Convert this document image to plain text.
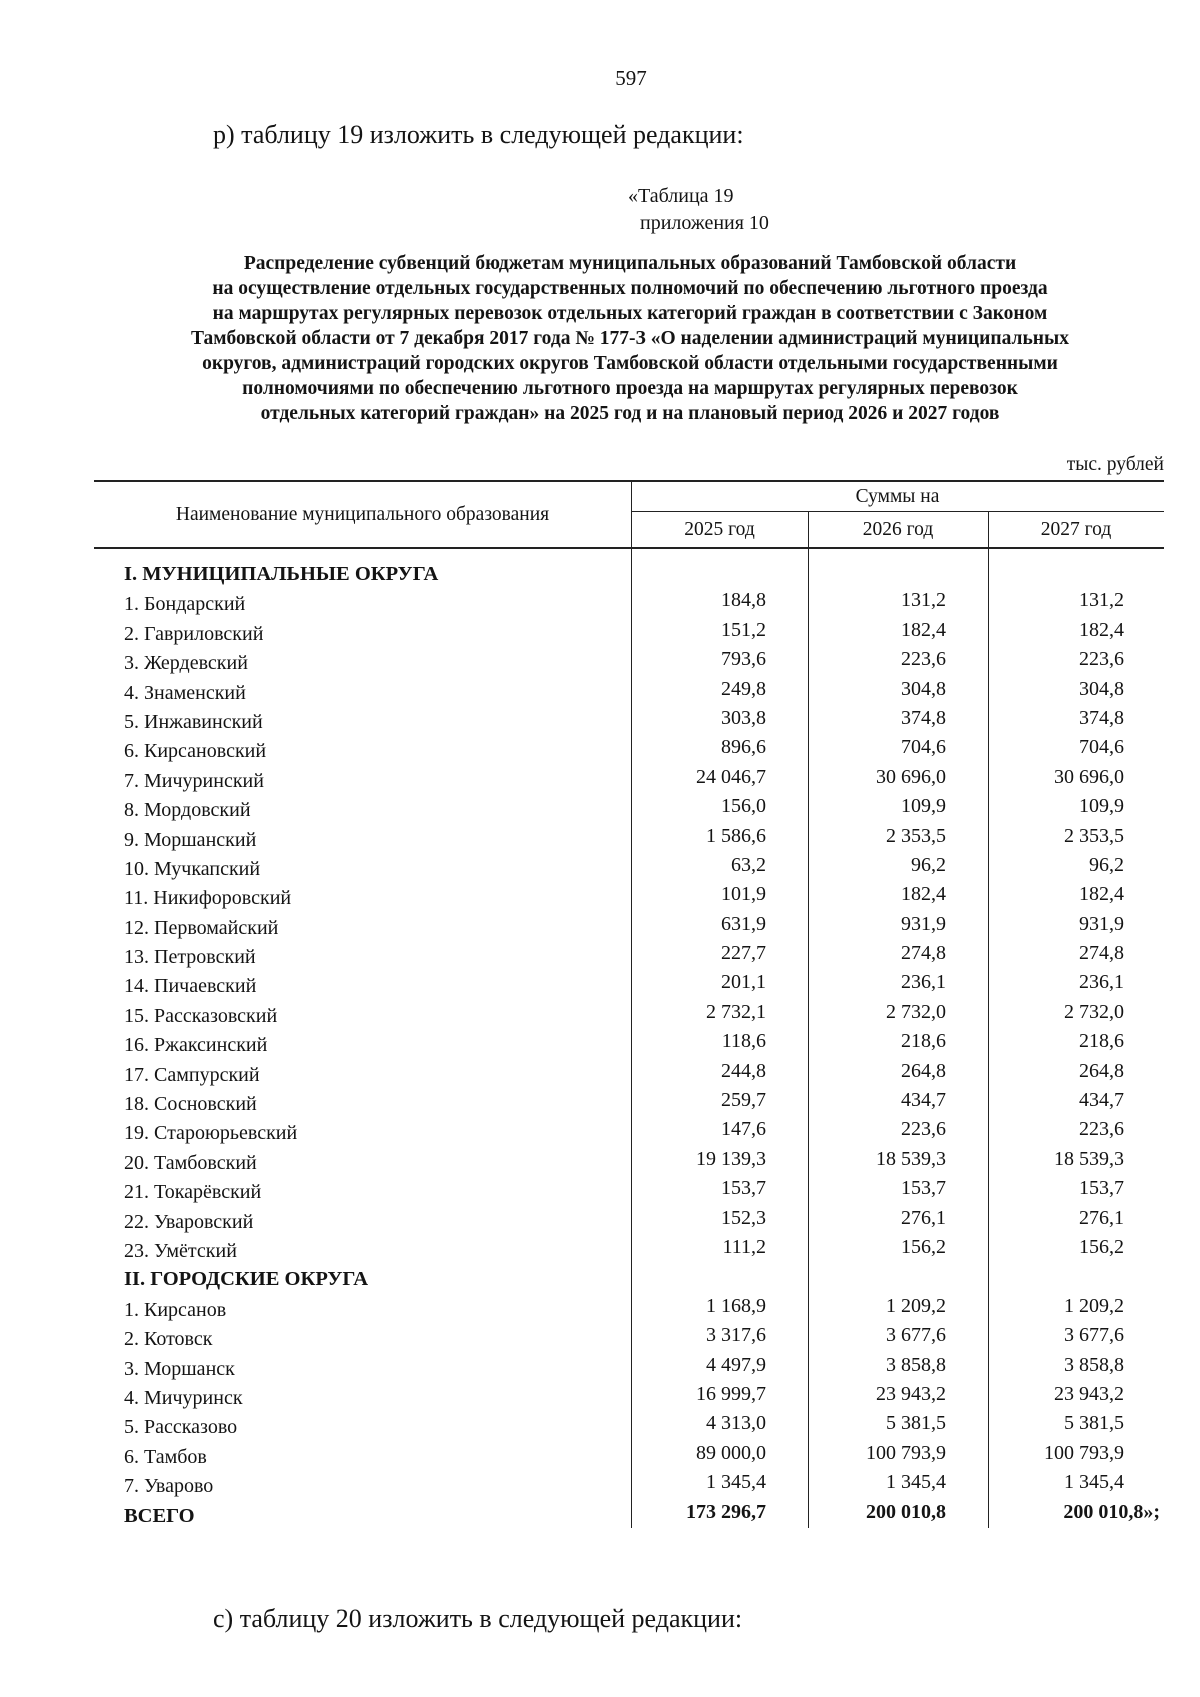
597
р) таблицу 19 изложить в следующей редакции:
«Таблица 19
приложения 10
Распределение субвенций бюджетам муниципальных образований Тамбовской области
на осуществление отдельных государственных полномочий по обеспечению льготного проезда
на маршрутах регулярных перевозок отдельных категорий граждан в соответствии с Законом
Тамбовской области от 7 декабря 2017 года № 177-З «О наделении администраций муниципальных
округов, администраций городских округов Тамбовской области отдельными государственными
полномочиями по обеспечению льготного проезда на маршрутах регулярных перевозок
отдельных категорий граждан» на 2025 год и на плановый период 2026 и 2027 годов
тыс. рублей
Наименование муниципального образования
Суммы на
2025 год	2026 год	2027 год
I. МУНИЦИПАЛЬНЫЕ ОКРУГА
1. Бондарский	184,8	131,2	131,2
2. Гавриловский	151,2	182,4	182,4
3. Жердевский	793,6	223,6	223,6
4. Знаменский	249,8	304,8	304,8
5. Инжавинский	303,8	374,8	374,8
6. Кирсановский	896,6	704,6	704,6
7. Мичуринский	24 046,7	30 696,0	30 696,0
8. Мордовский	156,0	109,9	109,9
9. Моршанский	1 586,6	2 353,5	2 353,5
10. Мучкапский	63,2	96,2	96,2
11. Никифоровский	101,9	182,4	182,4
12. Первомайский	631,9	931,9	931,9
13. Петровский	227,7	274,8	274,8
14. Пичаевский	201,1	236,1	236,1
15. Рассказовский	2 732,1	2 732,0	2 732,0
16. Ржаксинский	118,6	218,6	218,6
17. Сампурский	244,8	264,8	264,8
18. Сосновский	259,7	434,7	434,7
19. Староюрьевский	147,6	223,6	223,6
20. Тамбовский	19 139,3	18 539,3	18 539,3
21. Токарёвский	153,7	153,7	153,7
22. Уваровский	152,3	276,1	276,1
23. Умётский	111,2	156,2	156,2
II. ГОРОДСКИЕ ОКРУГА
1. Кирсанов	1 168,9	1 209,2	1 209,2
2. Котовск	3 317,6	3 677,6	3 677,6
3. Моршанск	4 497,9	3 858,8	3 858,8
4. Мичуринск	16 999,7	23 943,2	23 943,2
5. Рассказово	4 313,0	5 381,5	5 381,5
6. Тамбов	89 000,0	100 793,9	100 793,9
7. Уварово	1 345,4	1 345,4	1 345,4
ВСЕГО	173 296,7	200 010,8	200 010,8»;
с) таблицу 20 изложить в следующей редакции:
